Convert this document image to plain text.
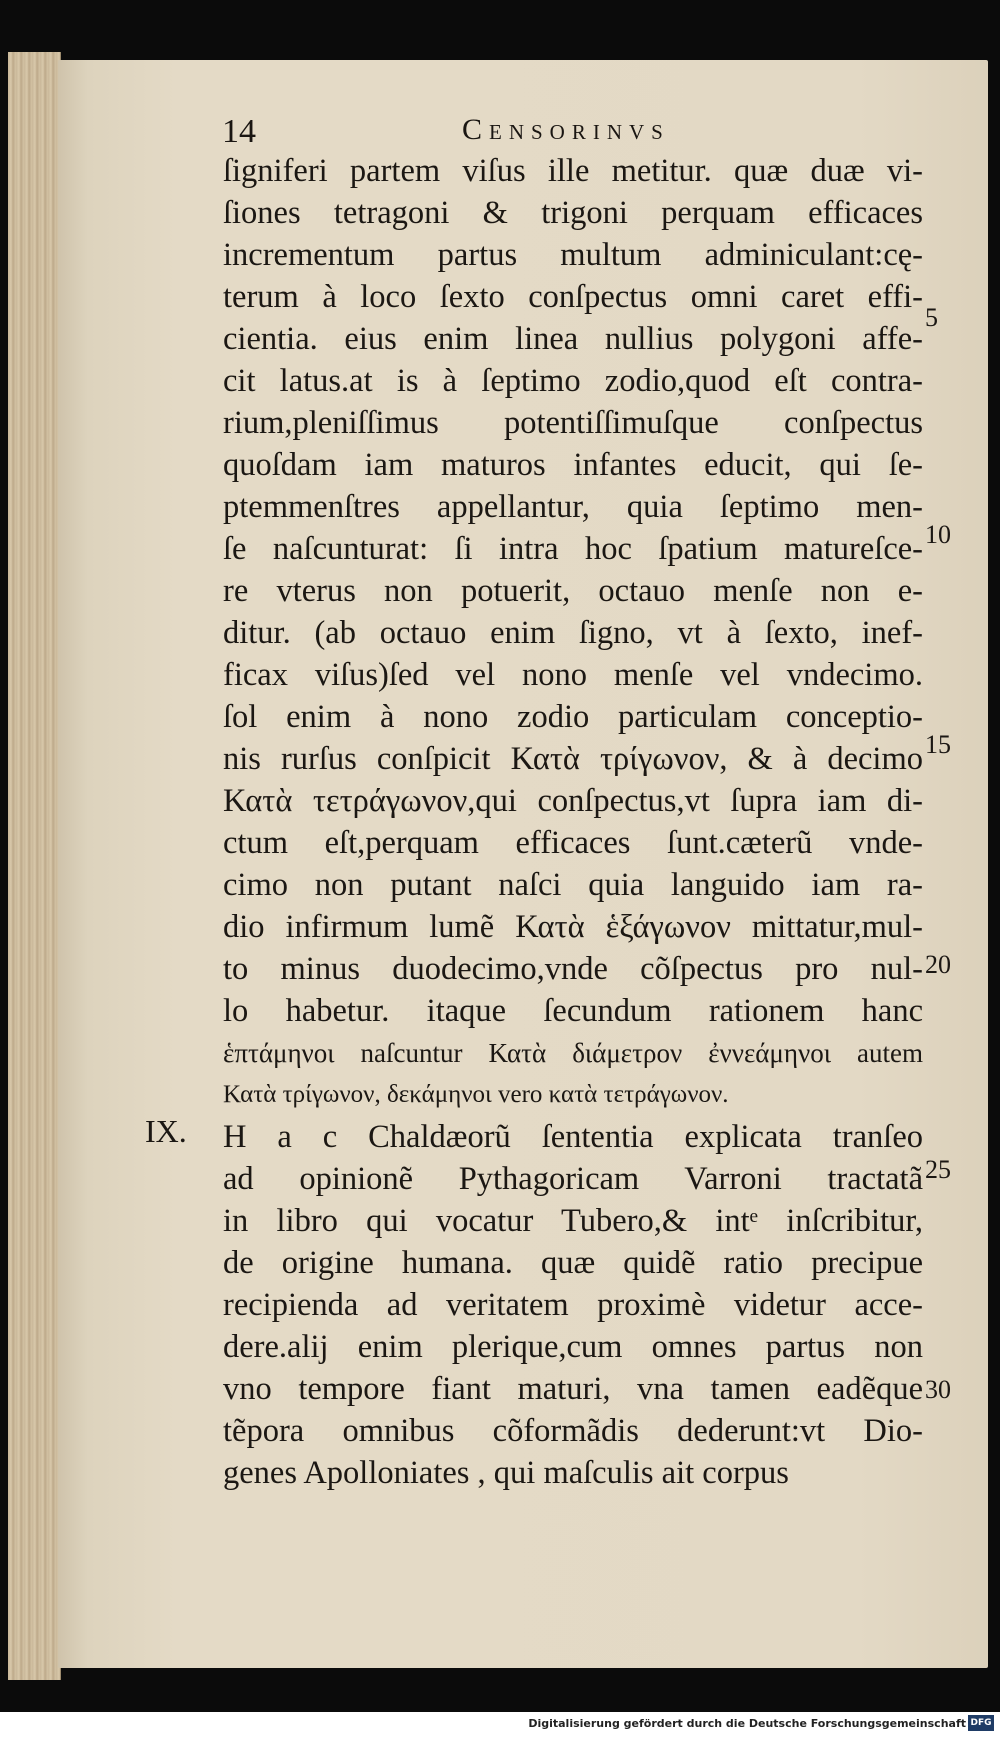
14	Censorinvs
ſigniferi partem viſus ille metitur. quæ duæ vi-
ſiones tetragoni & trigoni perquam efficaces
incrementum partus multum adminiculant:cę-
terum à loco ſexto conſpectus omni caret effi-
cientia. eius enim linea nullius polygoni affe-
cit latus.at is à ſeptimo zodio,quod eſt contra-
rium,pleniſſimus potentiſſimuſque conſpectus
quoſdam iam maturos infantes educit, qui ſe-
ptemmenſtres appellantur, quia ſeptimo men-
ſe naſcunturat: ſi intra hoc ſpatium matureſce-
re vterus non potuerit, octauo menſe non e-
ditur. (ab octauo enim ſigno, vt à ſexto, inef-
ficax viſus)ſed vel nono menſe vel vndecimo.
ſol enim à nono zodio particulam conceptio-
nis rurſus conſpicit Κατὰ τρίγωνον, & à decimo
Κατὰ τετράγωνον,qui conſpectus,vt ſupra iam di-
ctum eſt,perquam efficaces ſunt.cæterũ vnde-
cimo non putant naſci quia languido iam ra-
dio infirmum lumẽ Κατὰ ἑξάγωνον mittatur,mul-
to minus duodecimo,vnde cõſpectus pro nul-
lo habetur. itaque ſecundum rationem hanc
ἑπτάμηνοι naſcuntur Κατὰ διάμετρον ἐννεάμηνοι autem
Κατὰ τρίγωνον, δεκάμηνοι vero κατὰ τετράγωνον.
H a c Chaldæorũ ſententia explicata tranſeo
ad opinionẽ Pythagoricam Varroni tractatã
in libro qui vocatur Tubero,& intᵉ inſcribitur,
de origine humana. quæ quidẽ ratio precipue
recipienda ad veritatem proximè videtur acce-
dere.alij enim plerique,cum omnes partus non
vno tempore fiant maturi, vna tamen eadẽque
tẽpora omnibus cõformãdis dederunt:vt Dio-
genes Apolloniates , qui maſculis ait corpus
IX.
5
10
15
20
25
30
Digitalisierung gefördert durch die Deutsche Forschungsgemeinschaft DFG
